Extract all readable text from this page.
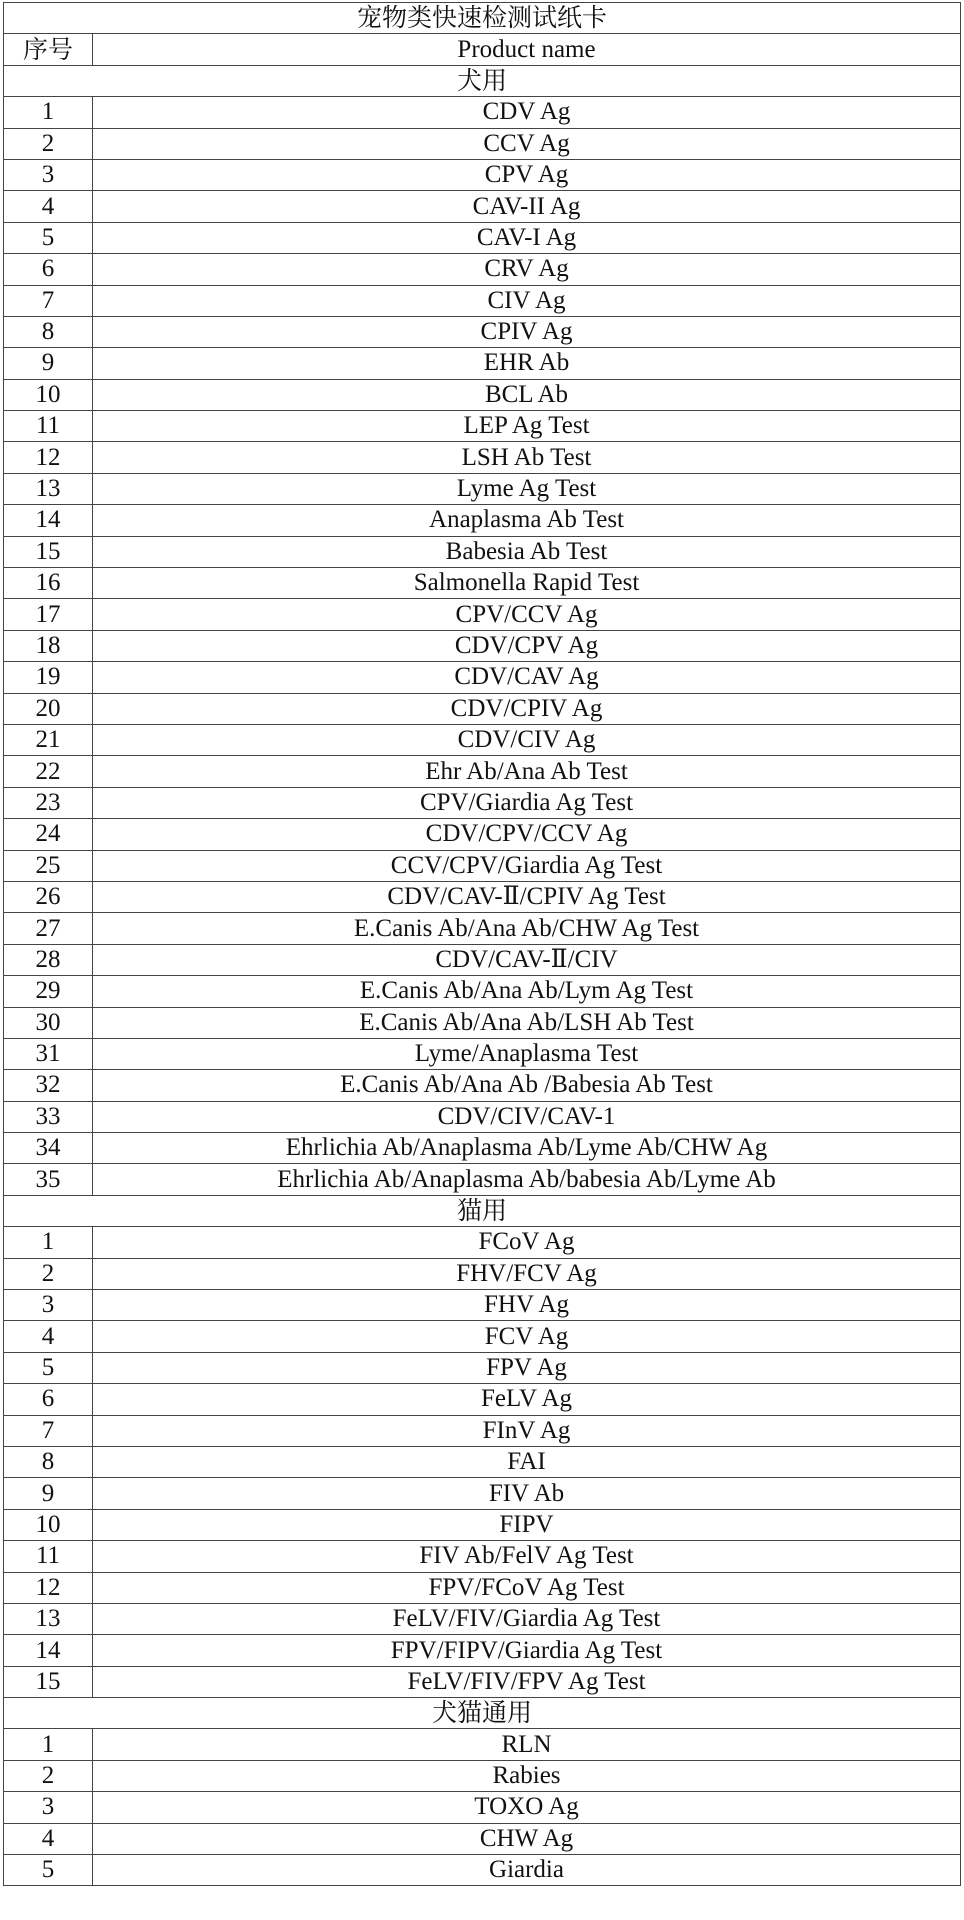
宠物类快速检测试纸卡	
序号	Product name
犬用	
1	CDV Ag
2	CCV Ag
3	CPV Ag
4	CAV-II Ag
5	CAV-I Ag
6	CRV Ag
7	CIV Ag
8	CPIV Ag
9	EHR Ab
10	BCL Ab
11	LEP Ag Test
12	LSH Ab Test
13	Lyme Ag Test
14	Anaplasma Ab Test
15	Babesia Ab Test
16	Salmonella Rapid Test
17	CPV/CCV Ag
18	CDV/CPV Ag
19	CDV/CAV Ag
20	CDV/CPIV Ag
21	CDV/CIV Ag
22	Ehr Ab/Ana Ab Test
23	CPV/Giardia Ag Test
24	CDV/CPV/CCV Ag
25	CCV/CPV/Giardia Ag Test
26	CDV/CAV-Ⅱ/CPIV Ag Test
27	E.Canis Ab/Ana Ab/CHW Ag Test
28	CDV/CAV-Ⅱ/CIV
29	E.Canis Ab/Ana Ab/Lym Ag Test
30	E.Canis Ab/Ana Ab/LSH Ab Test
31	Lyme/Anaplasma Test
32	E.Canis Ab/Ana Ab /Babesia Ab Test
33	CDV/CIV/CAV-1
34	Ehrlichia Ab/Anaplasma Ab/Lyme Ab/CHW Ag
35	Ehrlichia Ab/Anaplasma Ab/babesia Ab/Lyme Ab
猫用	
1	FCoV Ag
2	FHV/FCV Ag
3	FHV Ag
4	FCV Ag
5	FPV Ag
6	FeLV Ag
7	FInV Ag
8	FAI
9	FIV Ab
10	FIPV
11	FIV Ab/FelV Ag Test
12	FPV/FCoV Ag Test
13	FeLV/FIV/Giardia Ag Test
14	FPV/FIPV/Giardia Ag Test
15	FeLV/FIV/FPV Ag Test
犬猫通用	
1	RLN
2	Rabies
3	TOXO Ag
4	CHW Ag
5	Giardia
